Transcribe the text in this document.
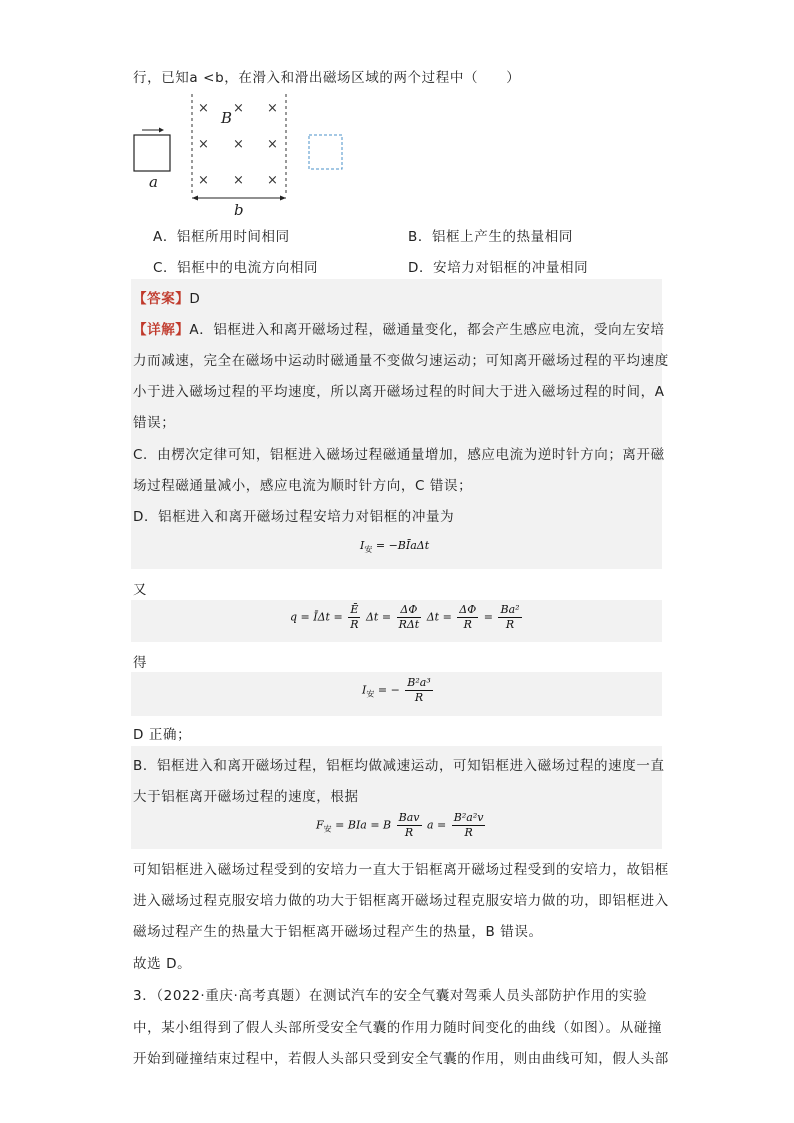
行，已知a <b，在滑入和滑出磁场区域的两个过程中（　　）
× × ×
× × ×
× × ×
B
a
b
A．铝框所用时间相同	B．铝框上产生的热量相同
C．铝框中的电流方向相同	D．安培力对铝框的冲量相同
【答案】D
【详解】A．铝框进入和离开磁场过程，磁通量变化，都会产生感应电流，受向左安培
力而减速，完全在磁场中运动时磁通量不变做匀速运动；可知离开磁场过程的平均速度
小于进入磁场过程的平均速度，所以离开磁场过程的时间大于进入磁场过程的时间，A
错误；
C．由楞次定律可知，铝框进入磁场过程磁通量增加，感应电流为逆时针方向；离开磁
场过程磁通量减小，感应电流为顺时针方向，C 错误；
D．铝框进入和离开磁场过程安培力对铝框的冲量为
$I_安$ = −BĪaΔt
又
q = ĪΔt = $\frac{Ē}{R}$ $\Delta t = \frac{\Delta\Phi}{\text{RΔt}}$ $\Delta t = \frac{\Delta\Phi}{R} = \frac{\text{Ba²}}{R}$
得
$I_安$ = − $\frac{\text{B²a³}}{R}$
D 正确；
B．铝框进入和离开磁场过程，铝框均做减速运动，可知铝框进入磁场过程的速度一直
大于铝框离开磁场过程的速度，根据
$F_安$ = BIa = B $\frac{\text{Bav}}{R}$ $a = \frac{\text{B²a²v}}{R}$
可知铝框进入磁场过程受到的安培力一直大于铝框离开磁场过程受到的安培力，故铝框
进入磁场过程克服安培力做的功大于铝框离开磁场过程克服安培力做的功，即铝框进入
磁场过程产生的热量大于铝框离开磁场过程产生的热量，B 错误。
故选 D。
3．（2022·重庆·高考真题）在测试汽车的安全气囊对驾乘人员头部防护作用的实验
中，某小组得到了假人头部所受安全气囊的作用力随时间变化的曲线（如图）。从碰撞
开始到碰撞结束过程中，若假人头部只受到安全气囊的作用，则由曲线可知，假人头部
